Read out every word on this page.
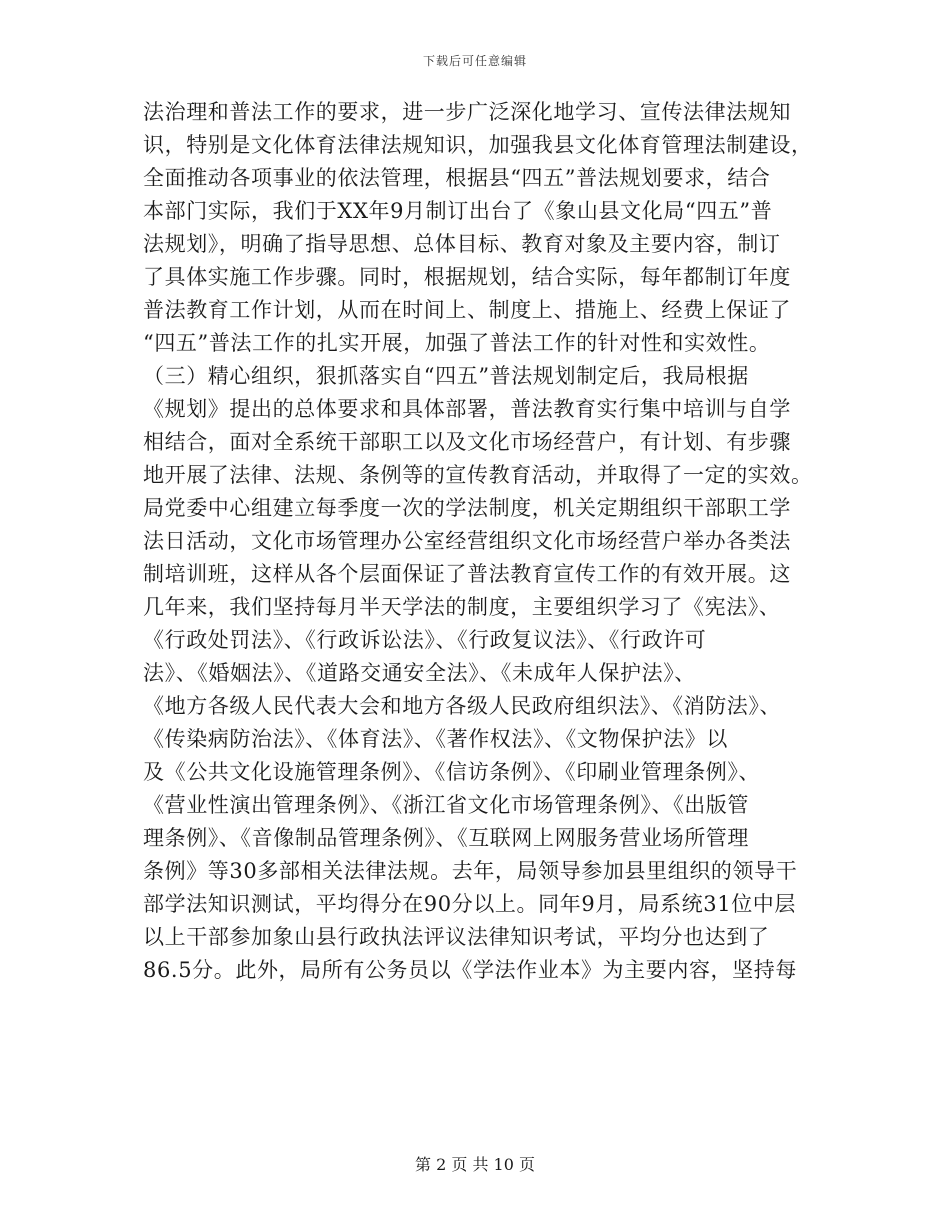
下载后可任意编辑
法治理和普法工作的要求，进一步广泛深化地学习、宣传法律法规知
识，特别是文化体育法律法规知识，加强我县文化体育管理法制建设，
全面推动各项事业的依法管理，根据县“四五”普法规划要求，结合
本部门实际，我们于XX年9月制订出台了《象山县文化局“四五”普
法规划》，明确了指导思想、总体目标、教育对象及主要内容，制订
了具体实施工作步骤。同时，根据规划，结合实际，每年都制订年度
普法教育工作计划，从而在时间上、制度上、措施上、经费上保证了
“四五”普法工作的扎实开展，加强了普法工作的针对性和实效性。
（三）精心组织，狠抓落实自“四五”普法规划制定后，我局根据
《规划》提出的总体要求和具体部署，普法教育实行集中培训与自学
相结合，面对全系统干部职工以及文化市场经营户，有计划、有步骤
地开展了法律、法规、条例等的宣传教育活动，并取得了一定的实效。
局党委中心组建立每季度一次的学法制度，机关定期组织干部职工学
法日活动，文化市场管理办公室经营组织文化市场经营户举办各类法
制培训班，这样从各个层面保证了普法教育宣传工作的有效开展。这
几年来，我们坚持每月半天学法的制度，主要组织学习了《宪法》、
《行政处罚法》、《行政诉讼法》、《行政复议法》、《行政许可
法》、《婚姻法》、《道路交通安全法》、《未成年人保护法》、
《地方各级人民代表大会和地方各级人民政府组织法》、《消防法》、
《传染病防治法》、《体育法》、《著作权法》、《文物保护法》以
及《公共文化设施管理条例》、《信访条例》、《印刷业管理条例》、
《营业性演出管理条例》、《浙江省文化市场管理条例》、《出版管
理条例》、《音像制品管理条例》、《互联网上网服务营业场所管理
条例》等30多部相关法律法规。去年，局领导参加县里组织的领导干
部学法知识测试，平均得分在90分以上。同年9月，局系统31位中层
以上干部参加象山县行政执法评议法律知识考试，平均分也达到了
86.5分。此外，局所有公务员以《学法作业本》为主要内容，坚持每
第 2 页 共 10 页
